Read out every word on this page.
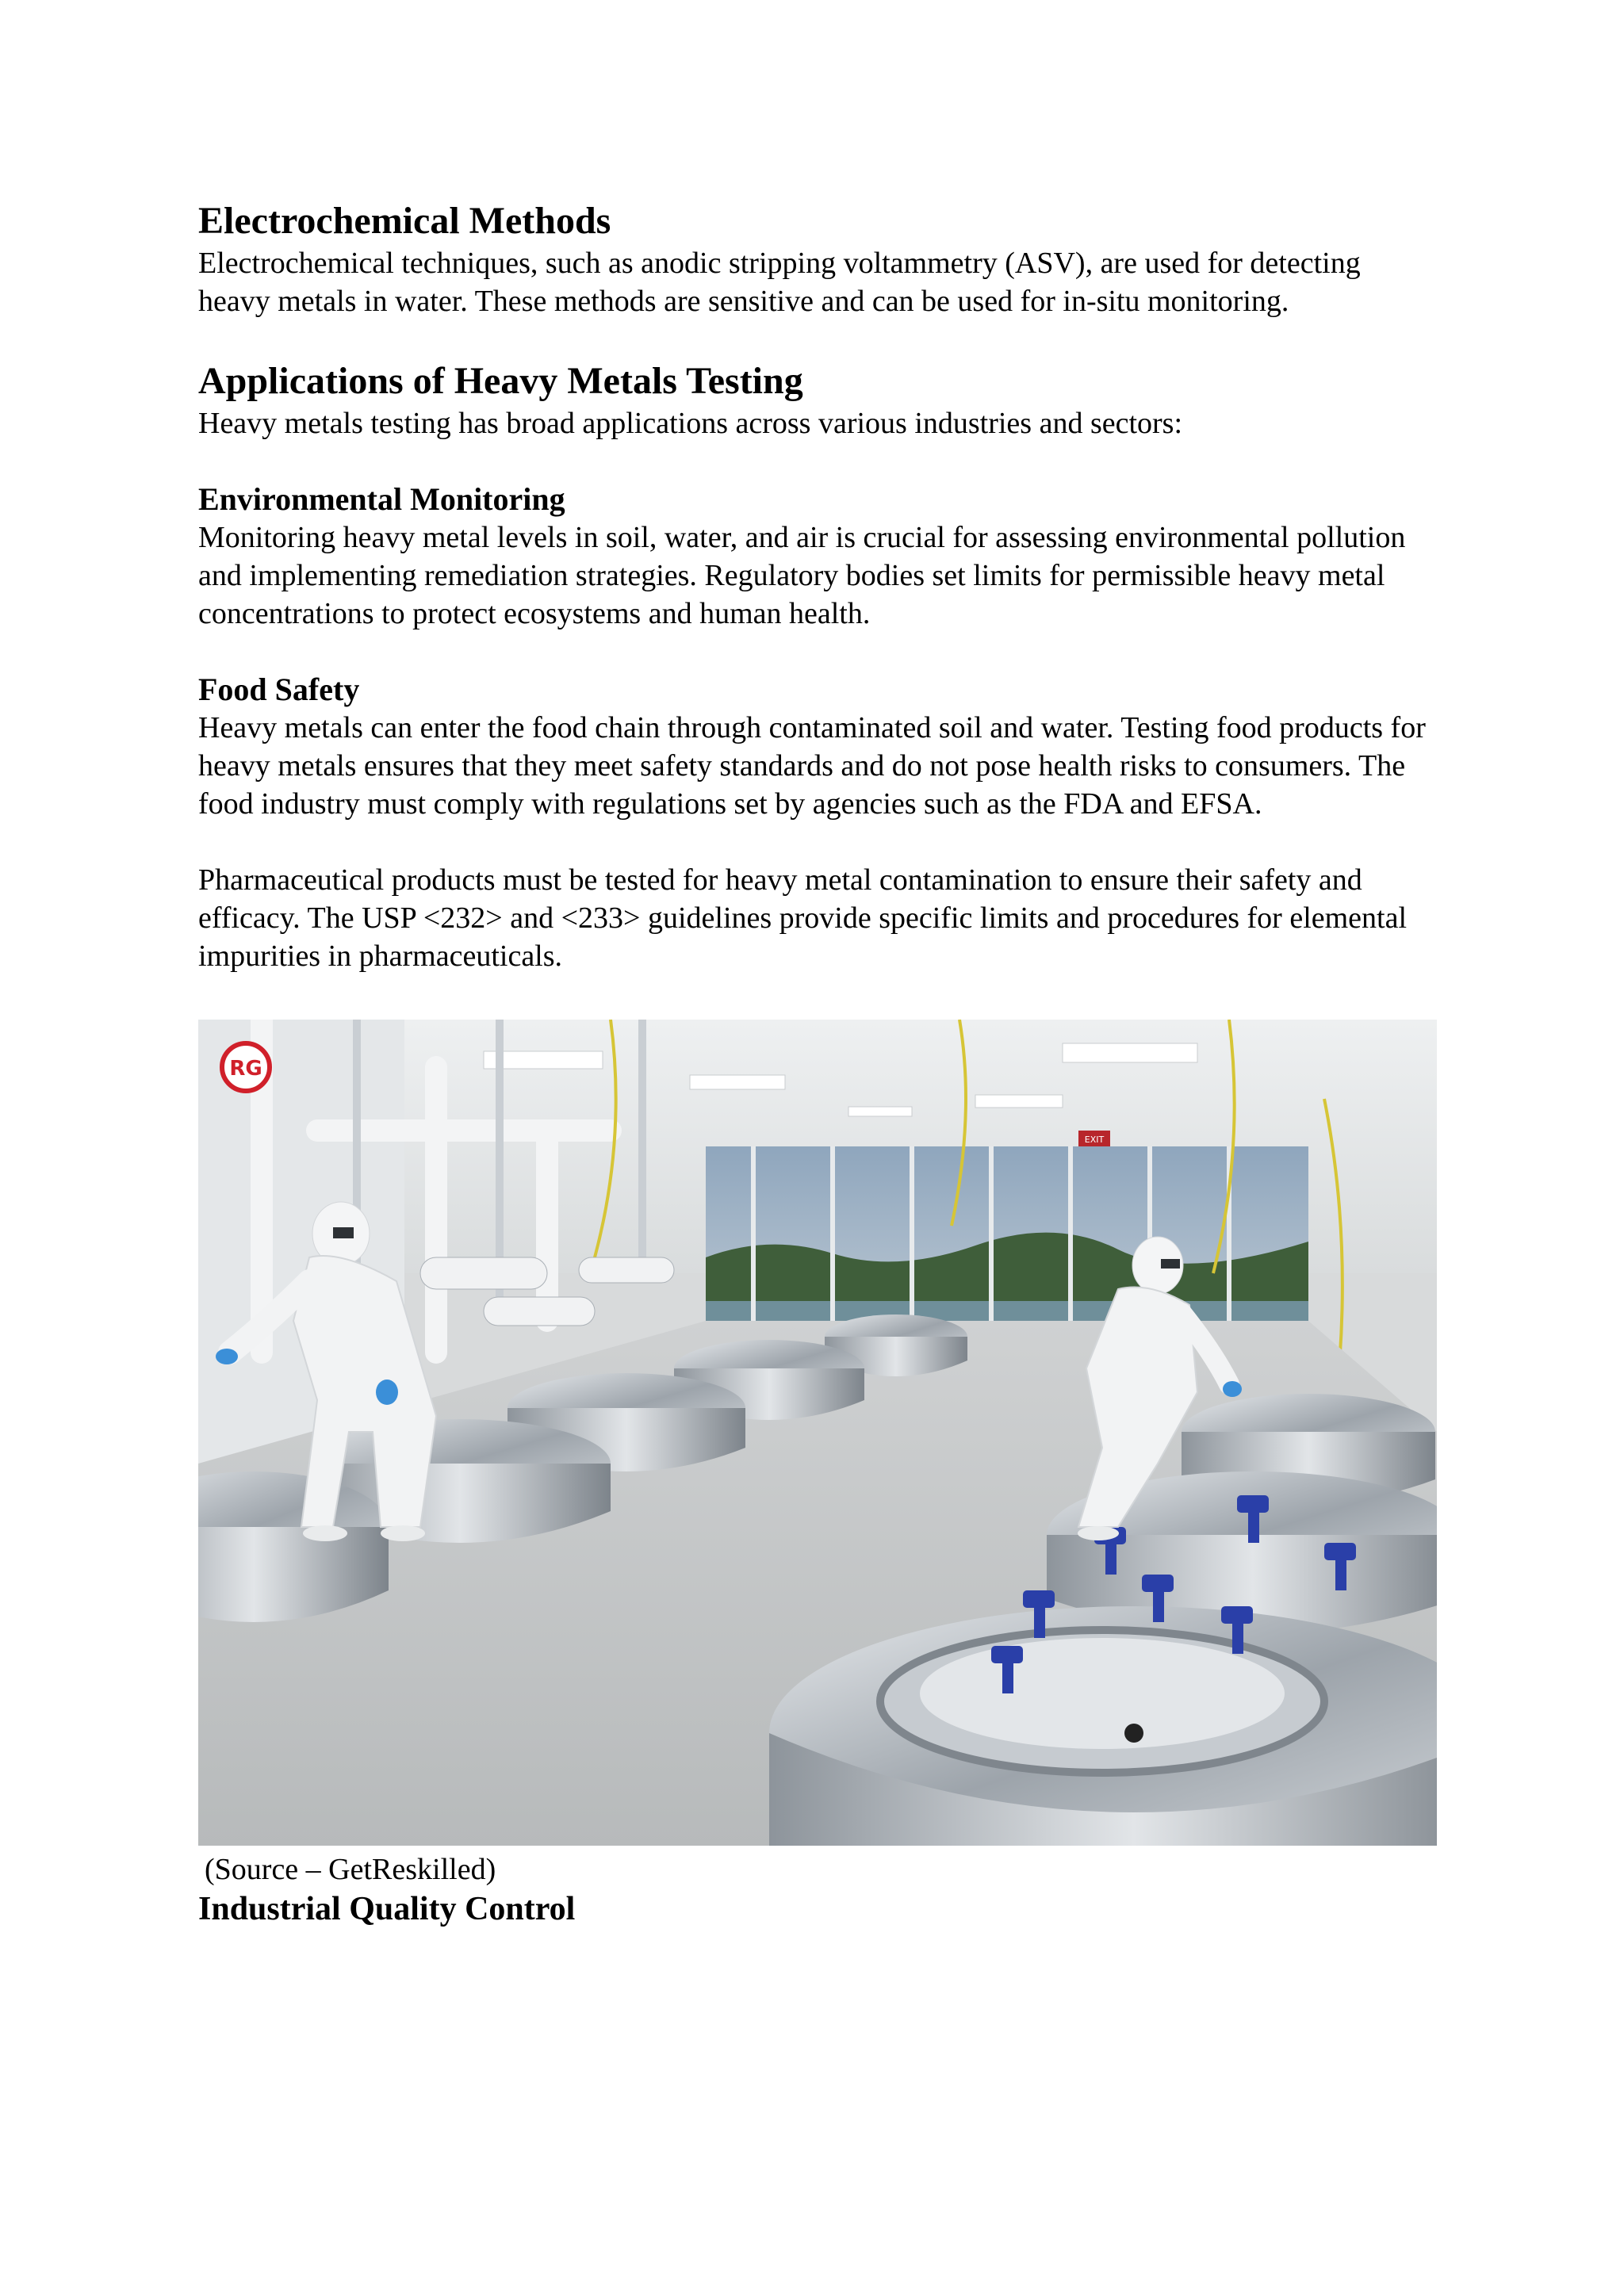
Electrochemical Methods

Electrochemical techniques, such as anodic stripping voltammetry (ASV), are used for detecting heavy metals in water. These methods are sensitive and can be used for in-situ monitoring.

Applications of Heavy Metals Testing

Heavy metals testing has broad applications across various industries and sectors:

Environmental Monitoring

Monitoring heavy metal levels in soil, water, and air is crucial for assessing environmental pollution and implementing remediation strategies. Regulatory bodies set limits for permissible heavy metal concentrations to protect ecosystems and human health.

Food Safety

Heavy metals can enter the food chain through contaminated soil and water. Testing food products for heavy metals ensures that they meet safety standards and do not pose health risks to consumers. The food industry must comply with regulations set by agencies such as the FDA and EFSA.

Pharmaceutical products must be tested for heavy metal contamination to ensure their safety and efficacy. The USP <232> and <233> guidelines provide specific limits and procedures for elemental impurities in pharmaceuticals.

EXIT
RG

(Source – GetReskilled)

Industrial Quality Control
